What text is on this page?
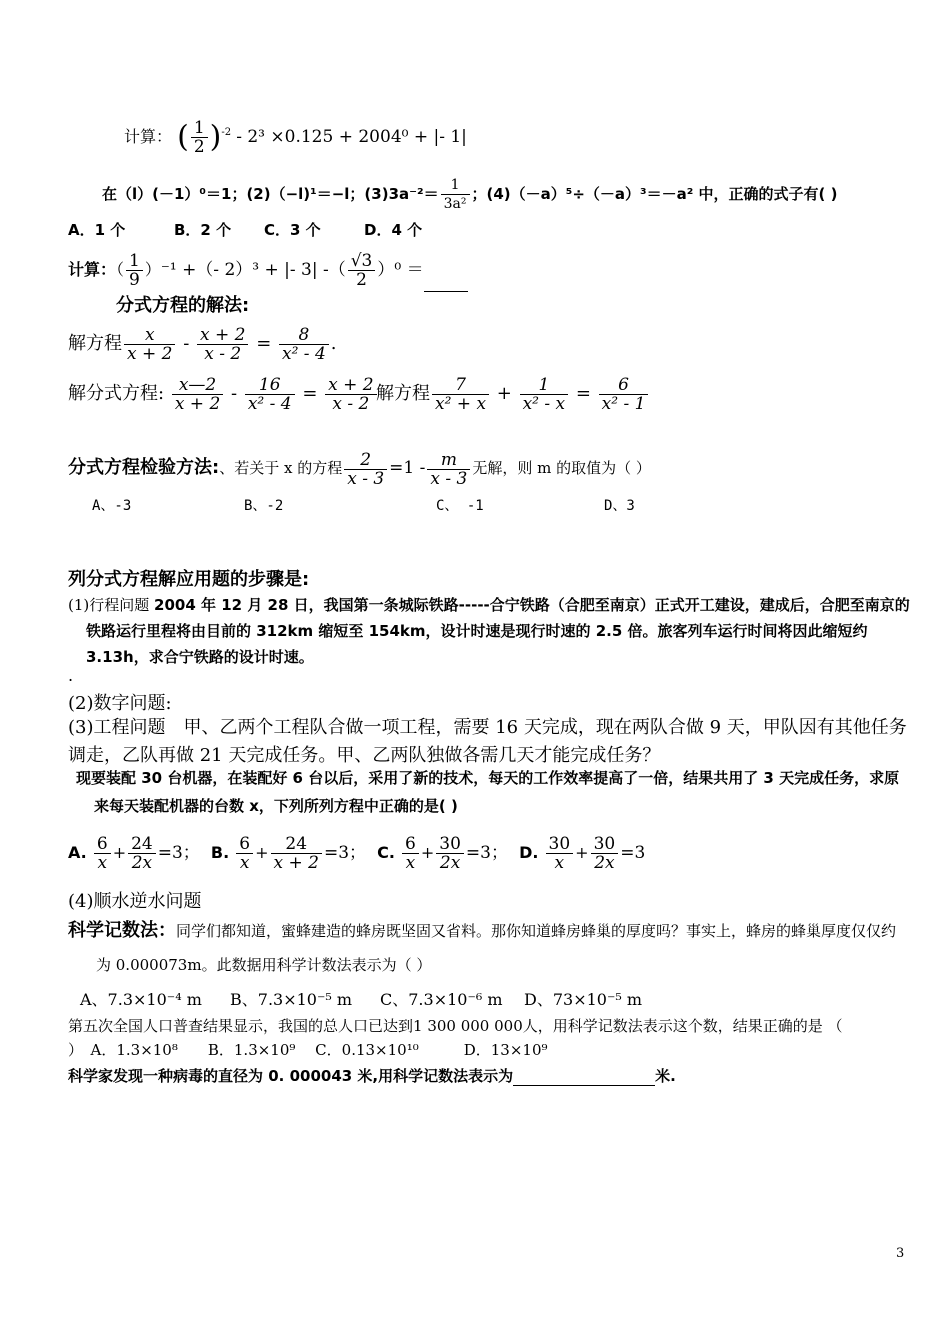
计算： ( $\frac{1}{2} )^{-2} - 2^3 \times 0.125 + 2004^0$ + |- 1|
在（l）(－1）⁰＝1；(2)（−l)¹＝−l；$(3)3a^{-2}= \frac{1}{\text{3a²}}$ ；(4)（－a）⁵÷（－a）³＝－a² 中，正确的式子有( )
A．1 个	B．2 个 C．3 个	D．4 个
计算：（ $\frac{1}{9} )^{-1}$ +（- 2）³ + |- 3| -（ $\frac{√3}{2} )^0$ ＝
分式方程的解法:
解方程 $\frac{x}{x + 2} - \frac{x + 2}{x - 2} = \frac{8}{\text{x² - 4}}$ .
解分式方程: $\frac{x—2}{x + 2} - \frac{16}{\text{x² - 4}} = \frac{x + 2}{x - 2}$ 解方程 $\frac{7}{\text{x² + x}} + \frac{1}{\text{x² - x}} = \frac{6}{\text{x² - 1}}$
分式方程检验方法:、若关于 x 的方程 $\frac{2}{x - 3} =1 - \frac{m}{x - 3}$ 无解，则 m 的取值为（ ）
A、-3	B、-2	C、 -1	D、3
列分式方程解应用题的步骤是:
(1)行程问题 2004 年 12 月 28 日，我国第一条城际铁路-----合宁铁路（合肥至南京）正式开工建设，建成后，合肥至南京的铁路运行里程将由目前的 312km 缩短至 154km，设计时速是现行时速的 2.5 倍。旅客列车运行时间将因此缩短约 3.13h，求合宁铁路的设计时速。
.
(2)数字问题:
(3)工程问题　甲、乙两个工程队合做一项工程，需要 16 天完成，现在两队合做 9 天，甲队因有其他任务调走，乙队再做 21 天完成任务。甲、乙两队独做各需几天才能完成任务？
现要装配 30 台机器，在装配好 6 台以后，采用了新的技术，每天的工作效率提高了一倍，结果共用了 3 天完成任务，求原来每天装配机器的台数 x，下列所列方程中正确的是( )
A. $\frac{6}{x} + \frac{24}{2x} =3$； B. $\frac{6}{x} + \frac{24}{x + 2} =3$； C. $\frac{6}{x} + \frac{30}{2x} =3$； D. $\frac{30}{x} + \frac{30}{2x} =3$
(4)顺水逆水问题
科学记数法：同学们都知道，蜜蜂建造的蜂房既坚固又省料。那你知道蜂房蜂巢的厚度吗？事实上，蜂房的蜂巢厚度仅仅约为 0.000073m。此数据用科学计数法表示为（ ）
A、7.3×10⁻⁴ m B、7.3×10⁻⁵ m C、7.3×10⁻⁶ m D、73×10⁻⁵ m
第五次全国人口普查结果显示，我国的总人口已达到1 300 000 000人，用科学记数法表示这个数，结果正确的是 （
）　A．1.3×10⁸　　B．1.3×10⁹　 C．0.13×10¹⁰　　　D．13×10⁹
科学家发现一种病毒的直径为 0. 000043 米,用科学记数法表示为	米.
3
